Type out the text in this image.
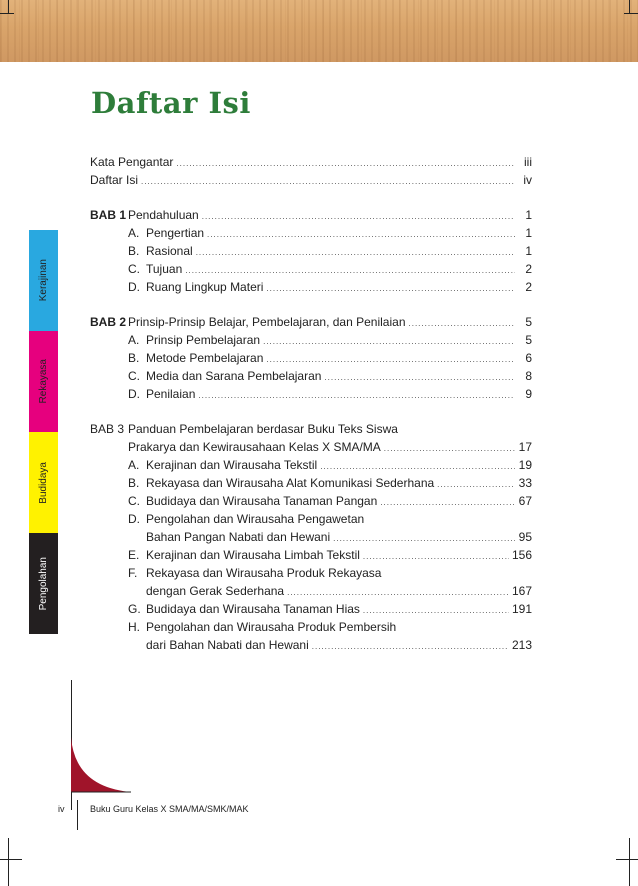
Kerajinan
Rekayasa
Budidaya
Pengolahan
Daftar Isi
Kata Pengantar .....	iii
Daftar Isi .....	iv
BAB 1 Pendahuluan .....	1
A. Pengertian .....	1
B. Rasional .....	1
C. Tujuan .....	2
D. Ruang Lingkup Materi .....	2
BAB 2 Prinsip-Prinsip Belajar, Pembelajaran, dan Penilaian .....	5
A. Prinsip Pembelajaran .....	5
B. Metode Pembelajaran .....	6
C. Media dan Sarana Pembelajaran .....	8
D. Penilaian .....	9
BAB 3 Panduan Pembelajaran berdasar Buku Teks Siswa
Prakarya dan Kewirausahaan Kelas X SMA/MA .....	17
A. Kerajinan dan Wirausaha Tekstil .....	19
B. Rekayasa dan Wirausaha Alat Komunikasi Sederhana .....	33
C. Budidaya dan Wirausaha Tanaman Pangan .....	67
D. Pengolahan dan Wirausaha Pengawetan
Bahan Pangan Nabati dan Hewani .....	95
E. Kerajinan dan Wirausaha Limbah Tekstil .....	156
F. Rekayasa dan Wirausaha Produk Rekayasa
dengan Gerak Sederhana .....	167
G. Budidaya dan Wirausaha Tanaman Hias .....	191
H. Pengolahan dan Wirausaha Produk Pembersih
dari Bahan Nabati dan Hewani .....	213
iv	Buku Guru Kelas X SMA/MA/SMK/MAK
